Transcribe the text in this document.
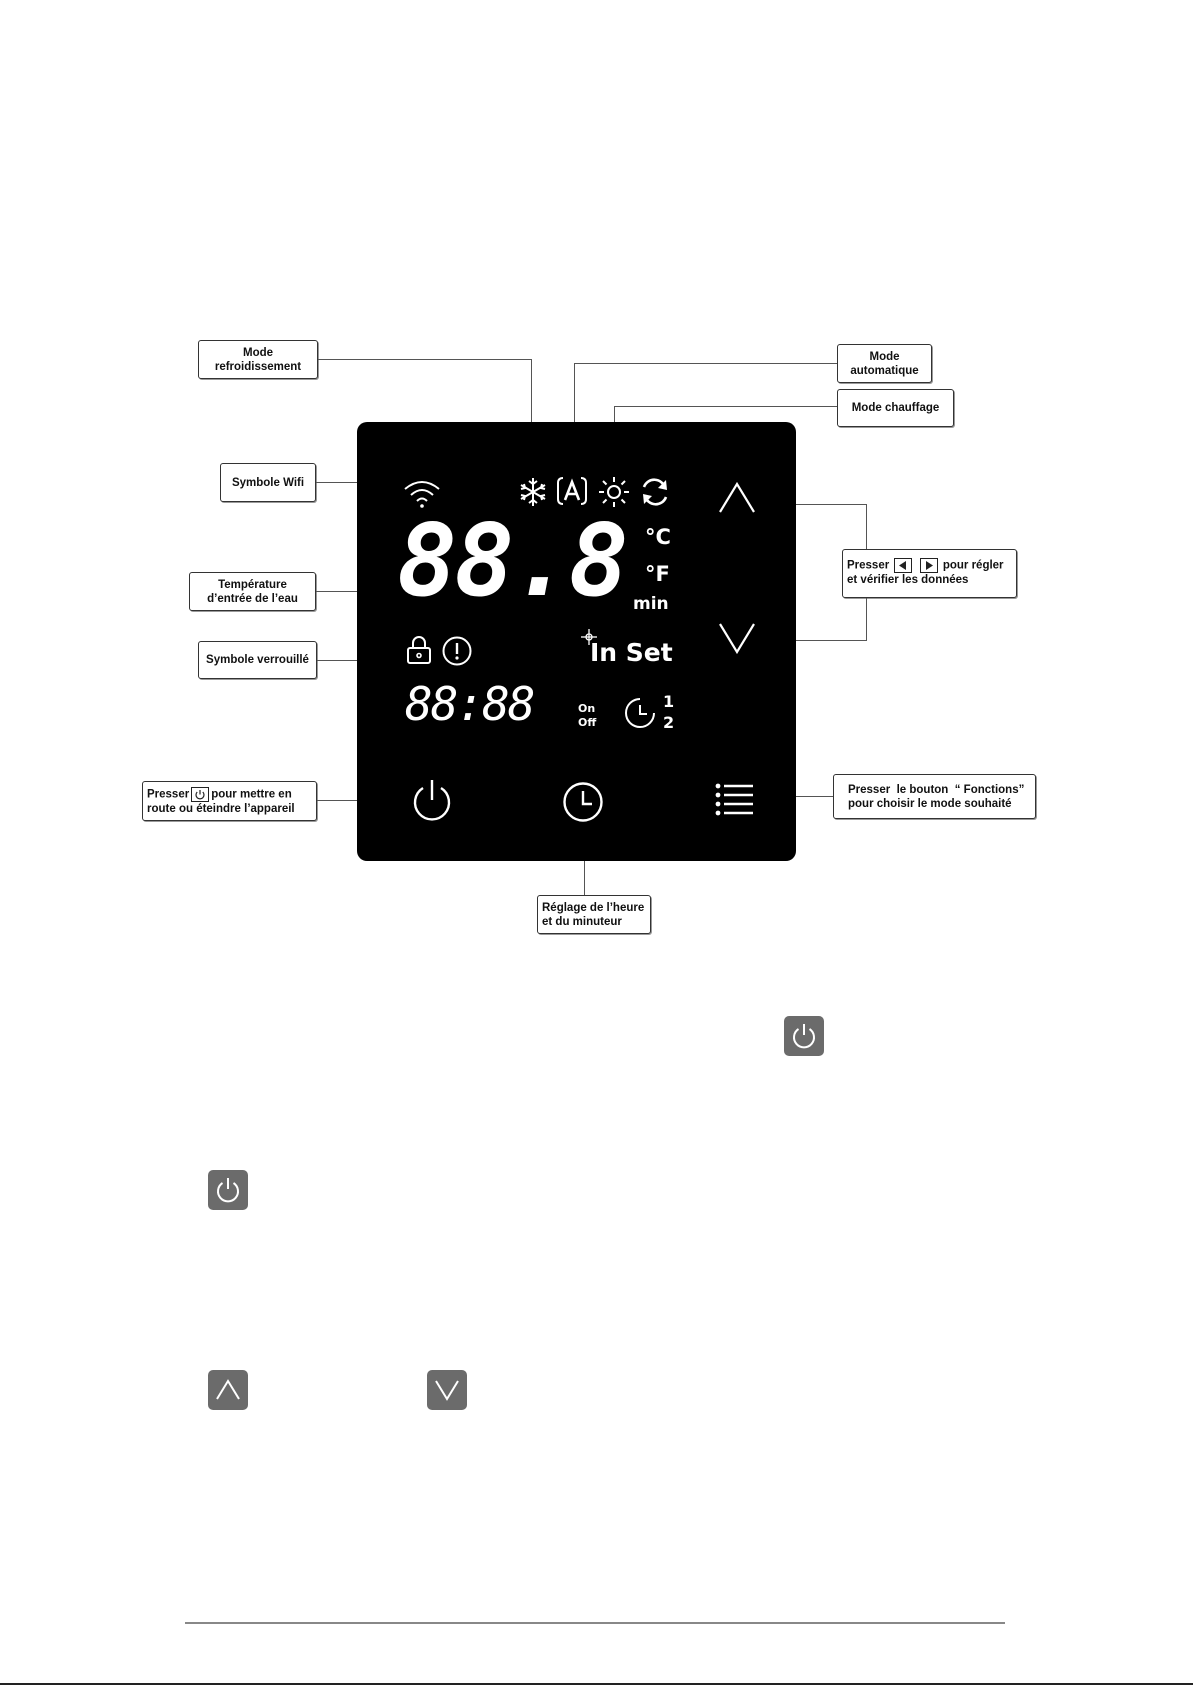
Mode
refroidissement
Mode
automatique
Mode chauffage
Symbole Wifi
Température
d’entrée de l’eau
Symbole verrouillé
Presser
	pour régler
et vérifier les données
Presser pour mettre en
route ou éteindre l’appareil
Presser  le bouton  “ Fonctions”
pour choisir le mode souhaité
Réglage de l’heure
et du minuteur
88.8 °C
°F
min
In Set
88:88	On
Off
1
2
